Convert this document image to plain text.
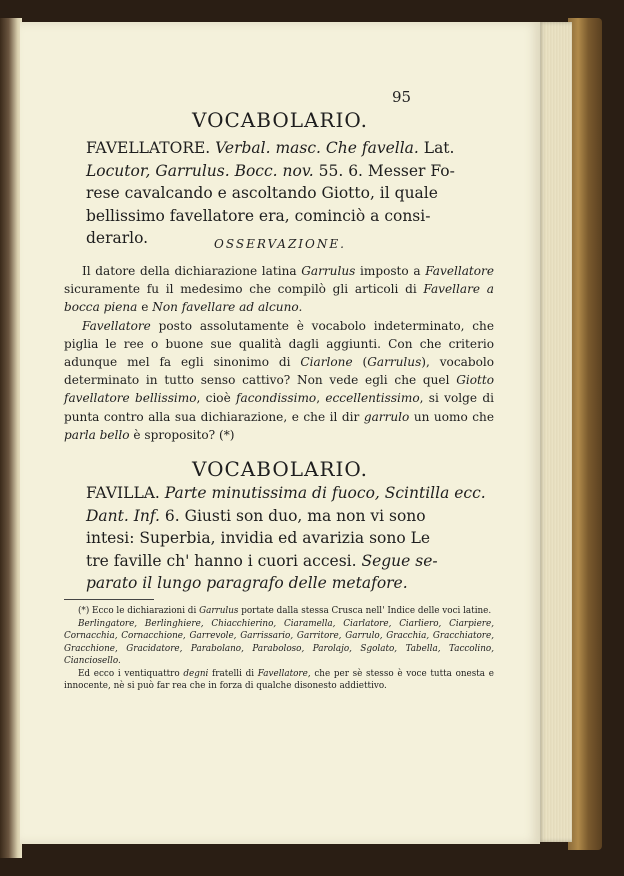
95
VOCABOLARIO.
FAVELLATORE. Verbal. masc. Che favella. Lat.
Locutor, Garrulus. Bocc. nov. 55. 6. Messer Fo-
rese cavalcando e ascoltando Giotto, il quale
bellissimo favellatore era, cominciò a consi-
derarlo.	OSSERVAZIONE.

Il datore della dichiarazione latina Garrulus imposto a Favellatore sicuramente fu il medesimo che compilò gli articoli di Favellare a bocca piena e Non favellare ad alcuno.

Favellatore posto assolutamente è vocabolo indeterminato, che piglia le ree o buone sue qualità dagli aggiunti. Con che criterio adunque mel fa egli sinonimo di Ciarlone (Garrulus), vocabolo determinato in tutto senso cattivo? Non vede egli che quel Giotto favellatore bellissimo, cioè facondissimo, eccellentissimo, si volge di punta contro alla sua dichiarazione, e che il dir garrulo un uomo che parla bello è sproposito? (*)

VOCABOLARIO.
FAVILLA. Parte minutissima di fuoco, Scintilla ecc.
Dant. Inf. 6. Giusti son duo, ma non vi sono
intesi: Superbia, invidia ed avarizia sono Le
tre faville ch' hanno i cuori accesi. Segue se-
parato il lungo paragrafo delle metafore.

(*) Ecco le dichiarazioni di Garrulus portate dalla stessa Crusca nell' Indice delle voci latine.

Berlingatore, Berlinghiere, Chiacchierino, Ciaramella, Ciarlatore, Ciarliero, Ciarpiere, Cornacchia, Cornacchione, Garrevole, Garrissario, Garritore, Garrulo, Gracchia, Gracchiatore, Gracchione, Gracidatore, Parabolano, Paraboloso, Parolajo, Sgolato, Tabella, Taccolino, Cianciosello.

Ed ecco i ventiquattro degni fratelli di Favellatore, che per sè stesso è voce tutta onesta e innocente, nè si può far rea che in forza di qualche disonesto addiettivo.
